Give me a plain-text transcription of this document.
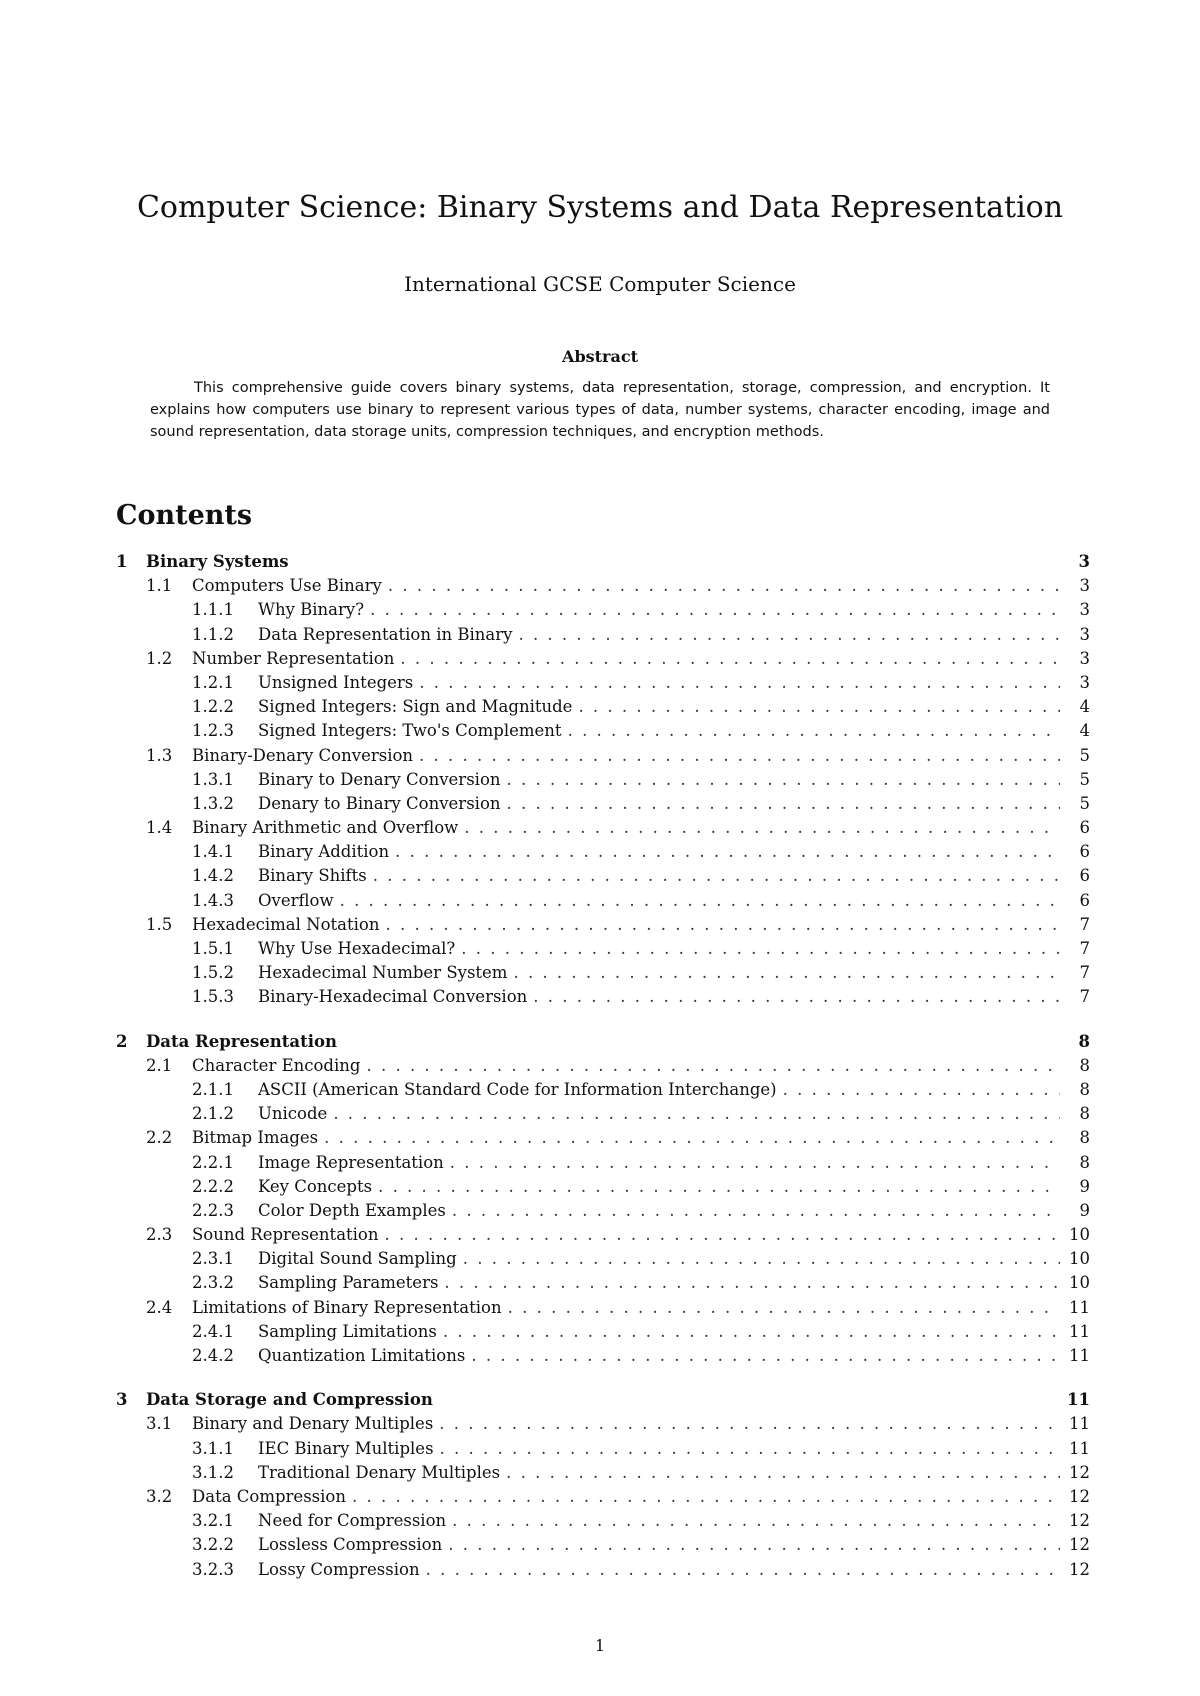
Computer Science: Binary Systems and Data Representation
International GCSE Computer Science
Abstract

This comprehensive guide covers binary systems, data representation, storage, compression, and encryption. It explains how computers use binary to represent various types of data, number systems, character encoding, image and sound representation, data storage units, compression techniques, and encryption methods.

Contents
1	Binary Systems	3
1.1	Computers Use Binary . . .	3
1.1.1	Why Binary? . . .	3
1.1.2	Data Representation in Binary . . .	3
1.2	Number Representation . . .	3
1.2.1	Unsigned Integers . . .	3
1.2.2	Signed Integers: Sign and Magnitude . . .	4
1.2.3	Signed Integers: Two's Complement . . .	4
1.3	Binary-Denary Conversion . . .	5
1.3.1	Binary to Denary Conversion . . .	5
1.3.2	Denary to Binary Conversion . . .	5
1.4	Binary Arithmetic and Overflow . . .	6
1.4.1	Binary Addition . . .	6
1.4.2	Binary Shifts . . .	6
1.4.3	Overflow . . .	6
1.5	Hexadecimal Notation . . .	7
1.5.1	Why Use Hexadecimal? . . .	7
1.5.2	Hexadecimal Number System . . .	7
1.5.3	Binary-Hexadecimal Conversion . . .	7
2	Data Representation	8
2.1	Character Encoding . . .	8
2.1.1	ASCII (American Standard Code for Information Interchange) . . .	8
2.1.2	Unicode . . .	8
2.2	Bitmap Images . . .	8
2.2.1	Image Representation . . .	8
2.2.2	Key Concepts . . .	9
2.2.3	Color Depth Examples . . .	9
2.3	Sound Representation . . .	10
2.3.1	Digital Sound Sampling . . .	10
2.3.2	Sampling Parameters . . .	10
2.4	Limitations of Binary Representation . . .	11
2.4.1	Sampling Limitations . . .	11
2.4.2	Quantization Limitations . . .	11
3	Data Storage and Compression	11
3.1	Binary and Denary Multiples . . .	11
3.1.1	IEC Binary Multiples . . .	11
3.1.2	Traditional Denary Multiples . . .	12
3.2	Data Compression . . .	12
3.2.1	Need for Compression . . .	12
3.2.2	Lossless Compression . . .	12
3.2.3	Lossy Compression . . .	12
1
